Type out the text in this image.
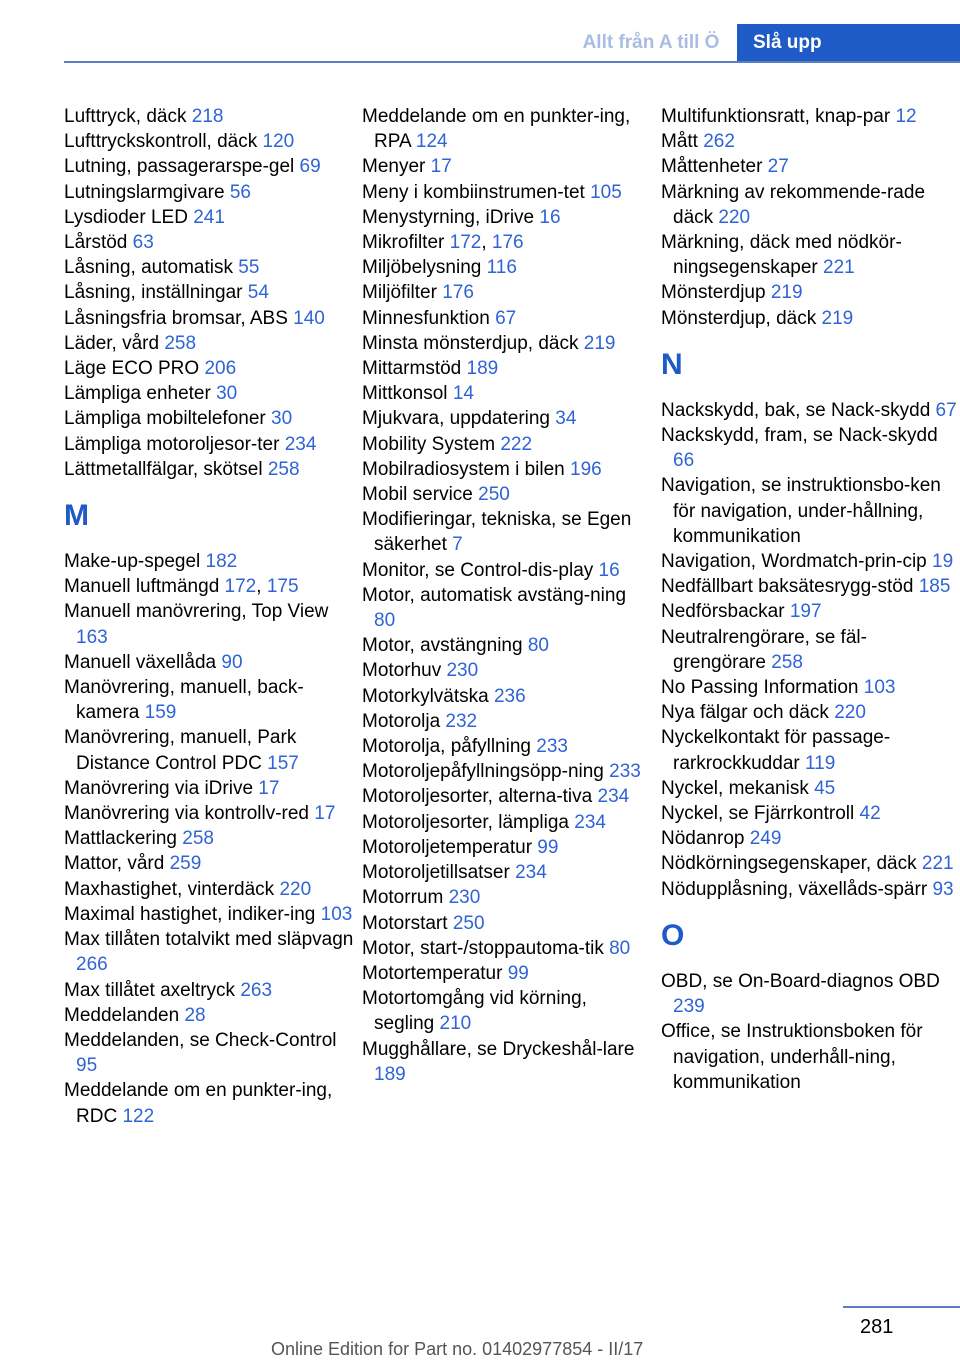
Allt från A till Ö	Slå upp
Lufttryck, däck 218
Lufttryckskontroll, däck 120
Lutning, passagerarspe‐gel 69
Lutningslarmgivare 56
Lysdioder LED 241
Lårstöd 63
Låsning, automatisk 55
Låsning, inställningar 54
Låsningsfria bromsar, ABS 140
Läder, vård 258
Läge ECO PRO 206
Lämpliga enheter 30
Lämpliga mobiltelefoner 30
Lämpliga motoroljesor‐ter 234
Lättmetallfälgar, skötsel 258
M
Make-up-spegel 182
Manuell luftmängd 172, 175
Manuell manövrering, Top View 163
Manuell växellåda 90
Manövrering, manuell, back‐kamera 159
Manövrering, manuell, Park Distance Control PDC 157
Manövrering via iDrive 17
Manövrering via kontrollv‐red 17
Mattlackering 258
Mattor, vård 259
Maxhastighet, vinterdäck 220
Maximal hastighet, indiker‐ing 103
Max tillåten totalvikt med släpvagn 266
Max tillåtet axeltryck 263
Meddelanden 28
Meddelanden, se Check-Control 95
Meddelande om en punkter‐ing, RDC 122
Meddelande om en punkter‐ing, RPA 124
Menyer 17
Meny i kombiinstrumen‐tet 105
Menystyrning, iDrive 16
Mikrofilter 172, 176
Miljöbelysning 116
Miljöfilter 176
Minnesfunktion 67
Minsta mönsterdjup, däck 219
Mittarmstöd 189
Mittkonsol 14
Mjukvara, uppdatering 34
Mobility System 222
Mobilradiosystem i bilen 196
Mobil service 250
Modifieringar, tekniska, se Egen säkerhet 7
Monitor, se Control-dis‐play 16
Motor, automatisk avstäng‐ning 80
Motor, avstängning 80
Motorhuv 230
Motorkylvätska 236
Motorolja 232
Motorolja, påfyllning 233
Motoroljepåfyllningsöpp‐ning 233
Motoroljesorter, alterna‐tiva 234
Motoroljesorter, lämpliga 234
Motoroljetemperatur 99
Motoroljetillsatser 234
Motorrum 230
Motorstart 250
Motor, start-/stoppautoma‐tik 80
Motortemperatur 99
Motortomgång vid körning, segling 210
Mugghållare, se Dryckeshål‐lare 189
Multifunktionsratt, knap‐par 12
Mått 262
Måttenheter 27
Märkning av rekommende‐rade däck 220
Märkning, däck med nödkör‐ningsegenskaper 221
Mönsterdjup 219
Mönsterdjup, däck 219
N
Nackskydd, bak, se Nack‐skydd 67
Nackskydd, fram, se Nack‐skydd 66
Navigation, se instruktionsbo‐ken för navigation, under‐hållning, kommunikation
Navigation, Wordmatch-prin‐cip 19
Nedfällbart baksätesrygg‐stöd 185
Nedförsbackar 197
Neutralrengörare, se fäl‐grengörare 258
No Passing Information 103
Nya fälgar och däck 220
Nyckelkontakt för passage‐rarkrockkuddar 119
Nyckel, mekanisk 45
Nyckel, se Fjärrkontroll 42
Nödanrop 249
Nödkörningsegenskaper, däck 221
Nödupplåsning, växellåds‐spärr 93
O
OBD, se On-Board-diagnos OBD 239
Office, se Instruktionsboken för navigation, underhåll‐ning, kommunikation
281
Online Edition for Part no. 01402977854 - II/17
